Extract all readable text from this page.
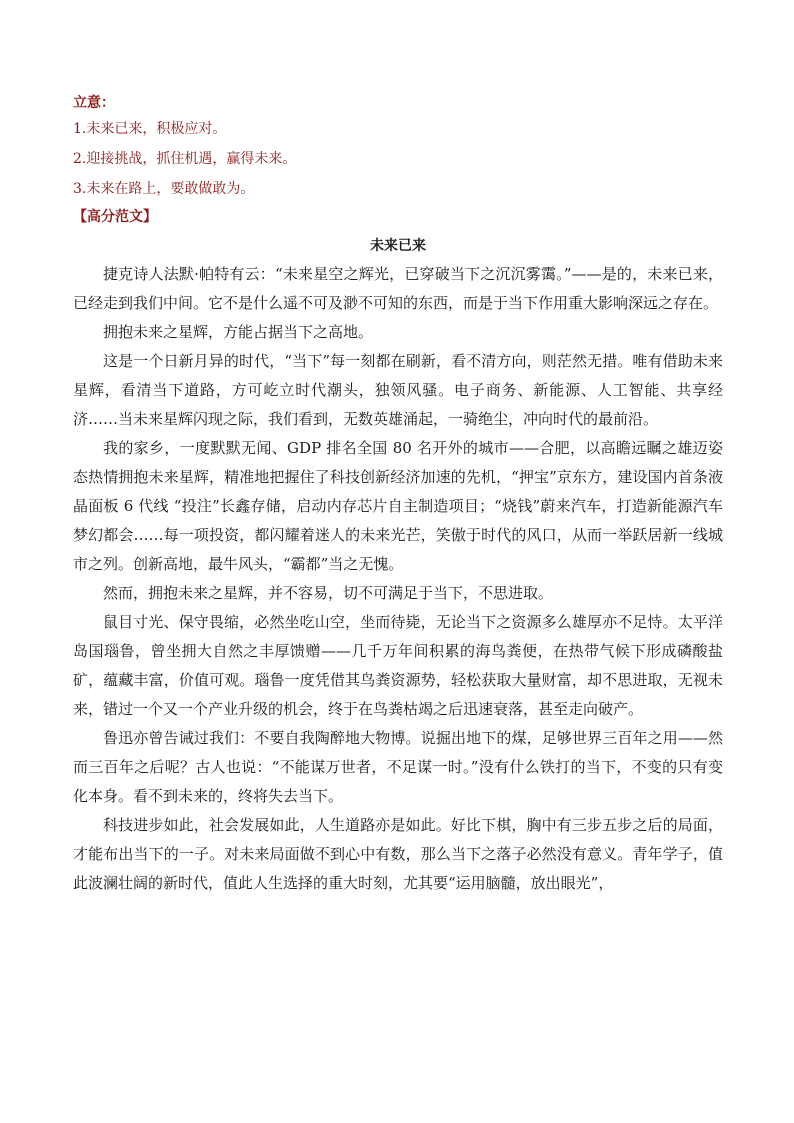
立意：
1.未来已来，积极应对。
2.迎接挑战，抓住机遇，赢得未来。
3.未来在路上，要敢做敢为。
【高分范文】
未来已来

捷克诗人法默·帕特有云：“未来星空之辉光，已穿破当下之沉沉雾霭。”——是的，未来已来，已经走到我们中间。它不是什么遥不可及渺不可知的东西，而是于当下作用重大影响深远之存在。

拥抱未来之星辉，方能占据当下之高地。

这是一个日新月异的时代，“当下”每一刻都在刷新，看不清方向，则茫然无措。唯有借助未来星辉，看清当下道路，方可屹立时代潮头，独领风骚。电子商务、新能源、人工智能、共享经济……当未来星辉闪现之际，我们看到，无数英雄涌起，一骑绝尘，冲向时代的最前沿。

我的家乡，一度默默无闻、GDP 排名全国 80 名开外的城市——合肥，以高瞻远瞩之雄迈姿态热情拥抱未来星辉，精准地把握住了科技创新经济加速的先机，“押宝”京东方，建设国内首条液晶面板 6 代线 “投注”长鑫存储，启动内存芯片自主制造项目；“烧钱”蔚来汽车，打造新能源汽车梦幻都会……每一项投资，都闪耀着迷人的未来光芒，笑傲于时代的风口，从而一举跃居新一线城市之列。创新高地，最牛风头，“霸都”当之无愧。

然而，拥抱未来之星辉，并不容易，切不可满足于当下，不思进取。

鼠目寸光、保守畏缩，必然坐吃山空，坐而待毙，无论当下之资源多么雄厚亦不足恃。太平洋岛国瑙鲁，曾坐拥大自然之丰厚馈赠——几千万年间积累的海鸟粪便，在热带气候下形成磷酸盐矿，蕴藏丰富，价值可观。瑙鲁一度凭借其鸟粪资源势，轻松获取大量财富，却不思进取，无视未来，错过一个又一个产业升级的机会，终于在鸟粪枯竭之后迅速衰落，甚至走向破产。

鲁迅亦曾告诫过我们：不要自我陶醉地大物博。说掘出地下的煤，足够世界三百年之用——然而三百年之后呢？古人也说：“不能谋万世者，不足谋一时。”没有什么铁打的当下，不变的只有变化本身。看不到未来的，终将失去当下。

科技进步如此，社会发展如此，人生道路亦是如此。好比下棋，胸中有三步五步之后的局面，才能布出当下的一子。对未来局面做不到心中有数，那么当下之落子必然没有意义。青年学子，值此波澜壮阔的新时代，值此人生选择的重大时刻，尤其要“运用脑髓，放出眼光”，
